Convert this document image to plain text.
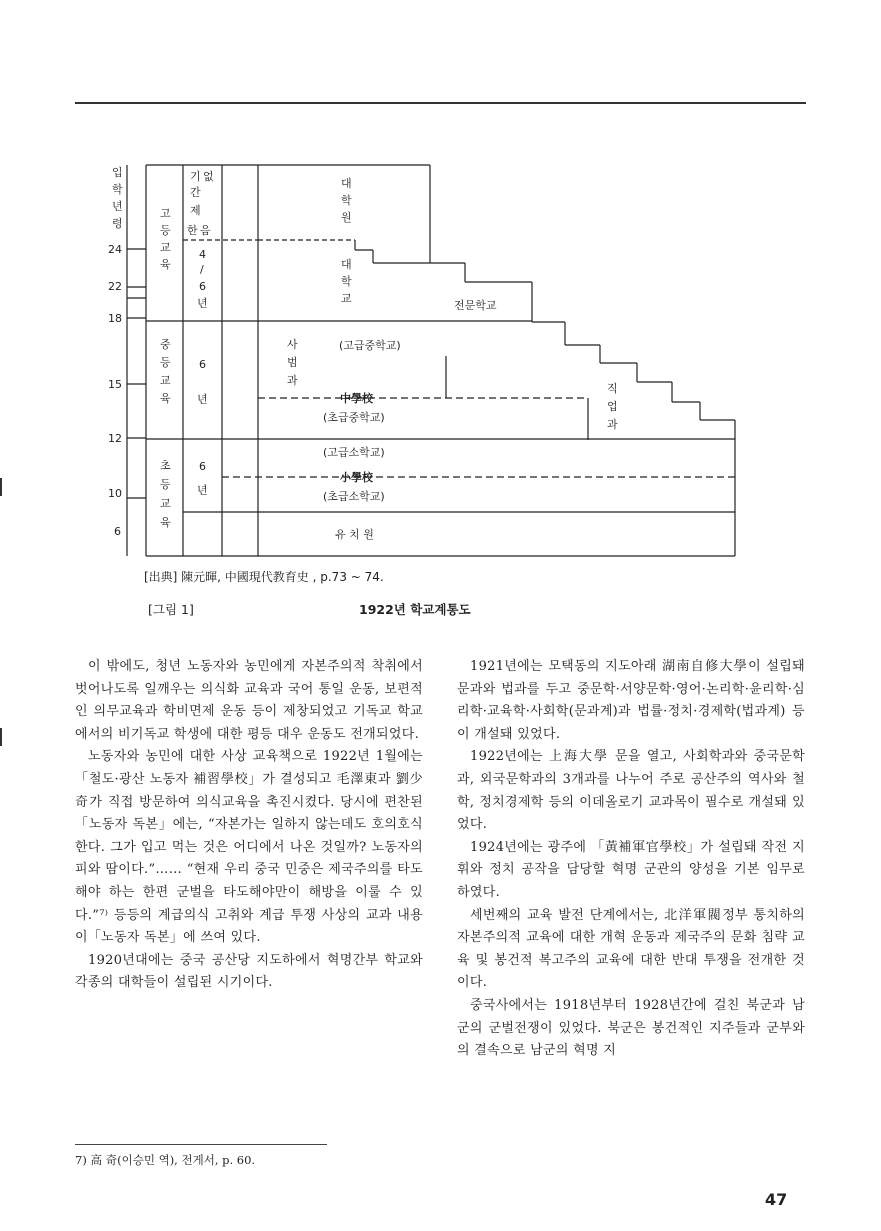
입
학
년
령
24
22
18
15
12
10
6
고
등
교
육
중
등
교
육
초
등
교
육
기 없
간
제
한 음
4
/
6
년
6
년
6
년
대
학
원
대
학
교
전문학교
사
범
과
(고급중학교)
中學校
(초급중학교)
직
업
과
(고급소학교)
小學校
(초급소학교)
유 치 원
[出典] 陳元暉, 中國現代教育史 , p.73 ~ 74.
[그림 1]	1922년 학교계통도

이 밖에도, 청년 노동자와 농민에게 자본주의적 착취에서 벗어나도록 일깨우는 의식화 교육과 국어 통일 운동, 보편적인 의무교육과 학비면제 운동 등이 제창되었고 기독교 학교에서의 비기독교 학생에 대한 평등 대우 운동도 전개되었다.

노동자와 농민에 대한 사상 교육책으로 1922년 1월에는 「철도·광산 노동자 補習學校」가 결성되고 毛澤東과 劉少奇가 직접 방문하여 의식교육을 촉진시켰다. 당시에 편찬된「노동자 독본」에는, “자본가는 일하지 않는데도 호의호식한다. 그가 입고 먹는 것은 어디에서 나온 것일까? 노동자의 피와 땀이다.”…… “현재 우리 중국 민중은 제국주의를 타도해야 하는 한편 군벌을 타도해야만이 해방을 이룰 수 있다.”⁷⁾ 등등의 계급의식 고취와 계급 투쟁 사상의 교과 내용이「노동자 독본」에 쓰여 있다.

1920년대에는 중국 공산당 지도하에서 혁명간부 학교와 각종의 대학들이 설립된 시기이다.

1921년에는 모택동의 지도아래 湖南自修大學이 설립돼 문과와 법과를 두고 중문학·서양문학·영어·논리학·윤리학·심리학·교육학·사회학(문과계)과 법률·정치·경제학(법과계) 등이 개설돼 있었다.

1922년에는 上海大學 문을 열고, 사회학과와 중국문학과, 외국문학과의 3개과를 나누어 주로 공산주의 역사와 철학, 정치경제학 등의 이데올로기 교과목이 필수로 개설돼 있었다.

1924년에는 광주에 「黃補軍官學校」가 설립돼 작전 지휘와 정치 공작을 담당할 혁명 군관의 양성을 기본 임무로 하였다.

세번째의 교육 발전 단계에서는, 北洋軍閥정부 통치하의 자본주의적 교육에 대한 개혁 운동과 제국주의 문화 침략 교육 및 봉건적 복고주의 교육에 대한 반대 투쟁을 전개한 것이다.

중국사에서는 1918년부터 1928년간에 걸친 북군과 남군의 군벌전쟁이 있었다. 북군은 봉건적인 지주들과 군부와의 결속으로 남군의 혁명 지

7) 高 奇(이승민 역), 전게서, p. 60.
47
